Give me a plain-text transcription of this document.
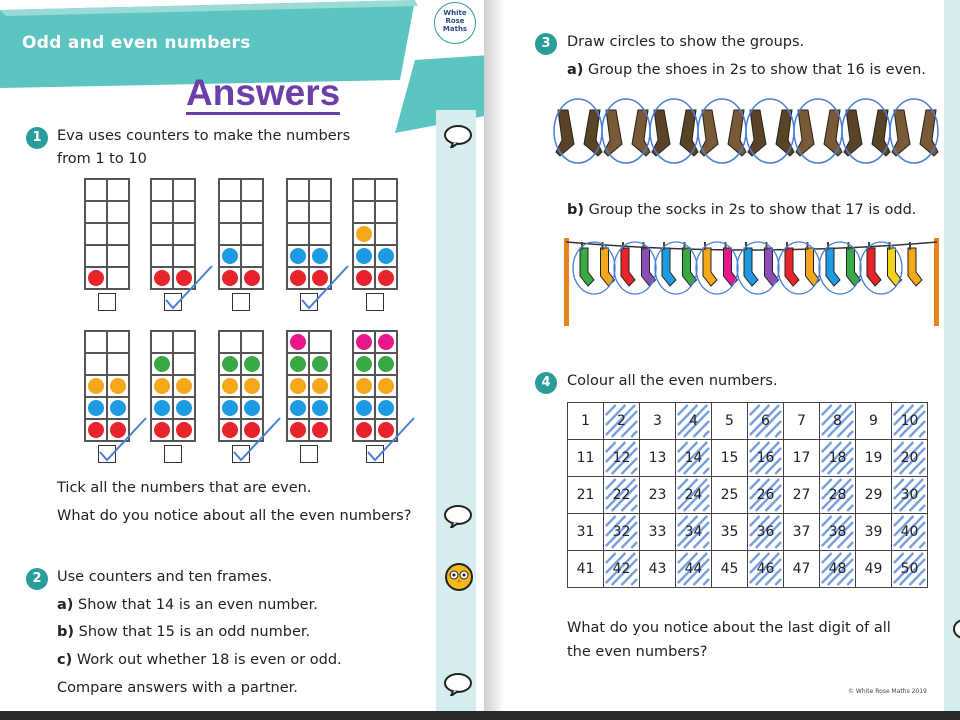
Odd and even numbers
White
Rose
Maths
Answers
1	Eva uses counters to make the numbers
from 1 to 10
Tick all the numbers that are even.
What do you notice about all the even numbers?
2	Use counters and ten frames.
a) Show that 14 is an even number.
b) Show that 15 is an odd number.
c) Work out whether 18 is even or odd.
Compare answers with a partner.
3	Draw circles to show the groups.
a) Group the shoes in 2s to show that 16 is even.
b) Group the socks in 2s to show that 17 is odd.
4	Colour all the even numbers.
1	2	3	4	5	6	7	8	9	10

11	12	13	14	15	16	17	18	19	20

21	22	23	24	25	26	27	28	29	30

31	32	33	34	35	36	37	38	39	40

41	42	43	44	45	46	47	48	49	50
What do you notice about the last digit of all
the even numbers?
© White Rose Maths 2019
